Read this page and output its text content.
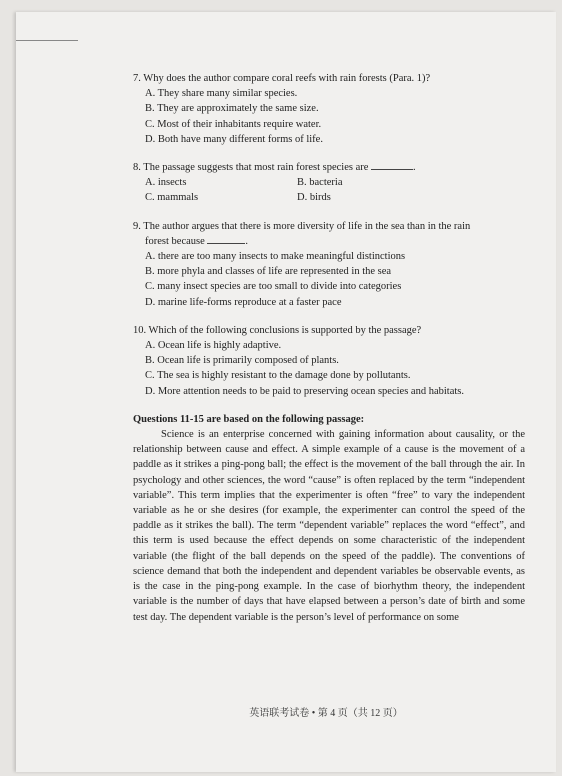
7. Why does the author compare coral reefs with rain forests (Para. 1)?
A. They share many similar species.
B. They are approximately the same size.
C. Most of their inhabitants require water.
D. Both have many different forms of life.
8. The passage suggests that most rain forest species are	.
A. insects	B. bacteria
C. mammals	D. birds
9. The author argues that there is more diversity of life in the sea than in the rain
forest because	.
A. there are too many insects to make meaningful distinctions
B. more phyla and classes of life are represented in the sea
C. many insect species are too small to divide into categories
D. marine life-forms reproduce at a faster pace
10. Which of the following conclusions is supported by the passage?
A. Ocean life is highly adaptive.
B. Ocean life is primarily composed of plants.
C. The sea is highly resistant to the damage done by pollutants.
D. More attention needs to be paid to preserving ocean species and habitats.
Questions 11-15 are based on the following passage:
Science is an enterprise concerned with gaining information about causality, or the relationship between cause and effect. A simple example of a cause is the movement of a paddle as it strikes a ping-pong ball; the effect is the movement of the ball through the air. In psychology and other sciences, the word “cause” is often replaced by the term “independent variable”. This term implies that the experimenter is often “free” to vary the independent variable as he or she desires (for example, the experimenter can control the speed of the paddle as it strikes the ball). The term “dependent variable” replaces the word “effect”, and this term is used because the effect depends on some characteristic of the independent variable (the flight of the ball depends on the speed of the paddle). The conventions of science demand that both the independent and dependent variables be observable events, as is the case in the ping-pong example. In the case of biorhythm theory, the independent variable is the number of days that have elapsed between a person’s date of birth and some test day. The dependent variable is the person’s level of performance on some
英语联考试卷 • 第 4 页（共 12 页）
